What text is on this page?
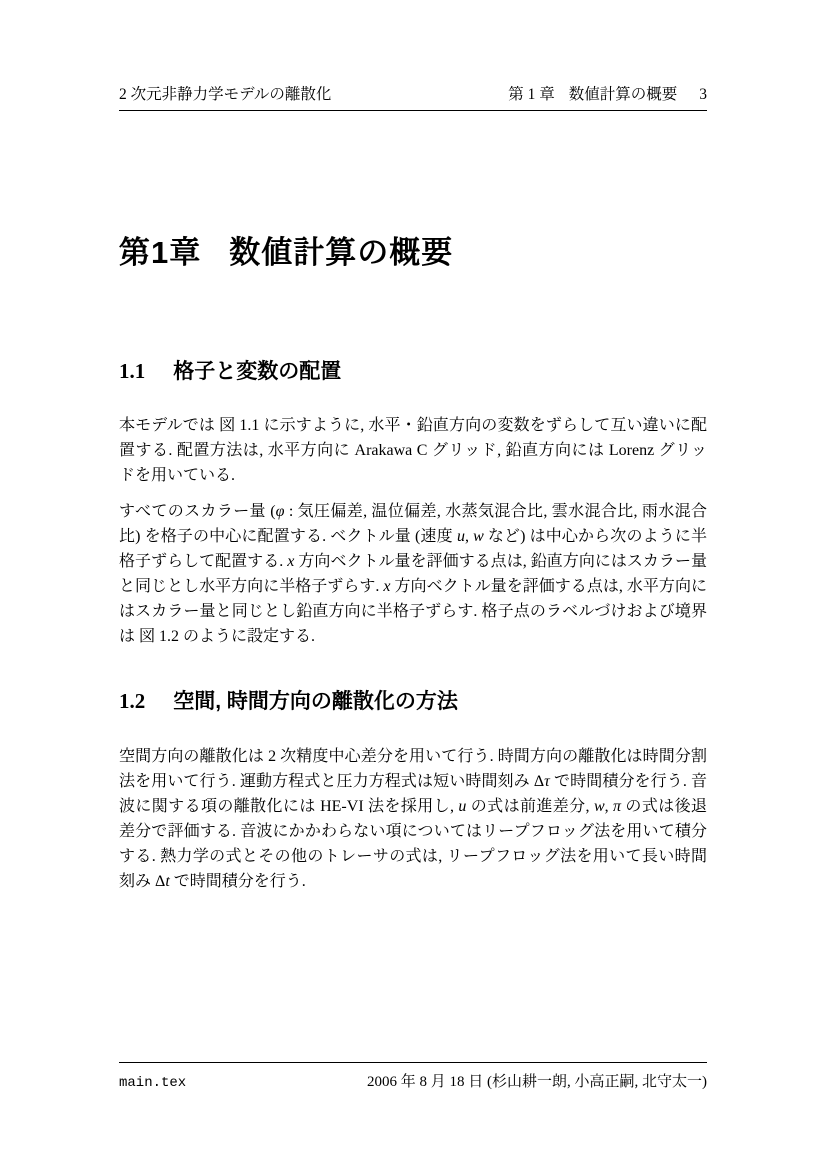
2 次元非静力学モデルの離散化	第 1 章 数値計算の概要 3
第1章 数値計算の概要
1.1 格子と変数の配置

本モデルでは 図 1.1 に示すように, 水平・鉛直方向の変数をずらして互い違いに配置する. 配置方法は, 水平方向に Arakawa C グリッド, 鉛直方向には Lorenz グリッドを用いている.

すべてのスカラー量 (φ : 気圧偏差, 温位偏差, 水蒸気混合比, 雲水混合比, 雨水混合比) を格子の中心に配置する. ベクトル量 (速度 u, w など) は中心から次のように半格子ずらして配置する. x 方向ベクトル量を評価する点は, 鉛直方向にはスカラー量と同じとし水平方向に半格子ずらす. x 方向ベクトル量を評価する点は, 水平方向にはスカラー量と同じとし鉛直方向に半格子ずらす. 格子点のラベルづけおよび境界は 図 1.2 のように設定する.

1.2 空間, 時間方向の離散化の方法

空間方向の離散化は 2 次精度中心差分を用いて行う. 時間方向の離散化は時間分割法を用いて行う. 運動方程式と圧力方程式は短い時間刻み Δτ で時間積分を行う. 音波に関する項の離散化には HE-VI 法を採用し, u の式は前進差分, w, π の式は後退差分で評価する. 音波にかかわらない項についてはリープフロッグ法を用いて積分する. 熱力学の式とその他のトレーサの式は, リープフロッグ法を用いて長い時間刻み Δt で時間積分を行う.

main.tex	2006 年 8 月 18 日 (杉山耕一朗, 小高正嗣, 北守太一)
